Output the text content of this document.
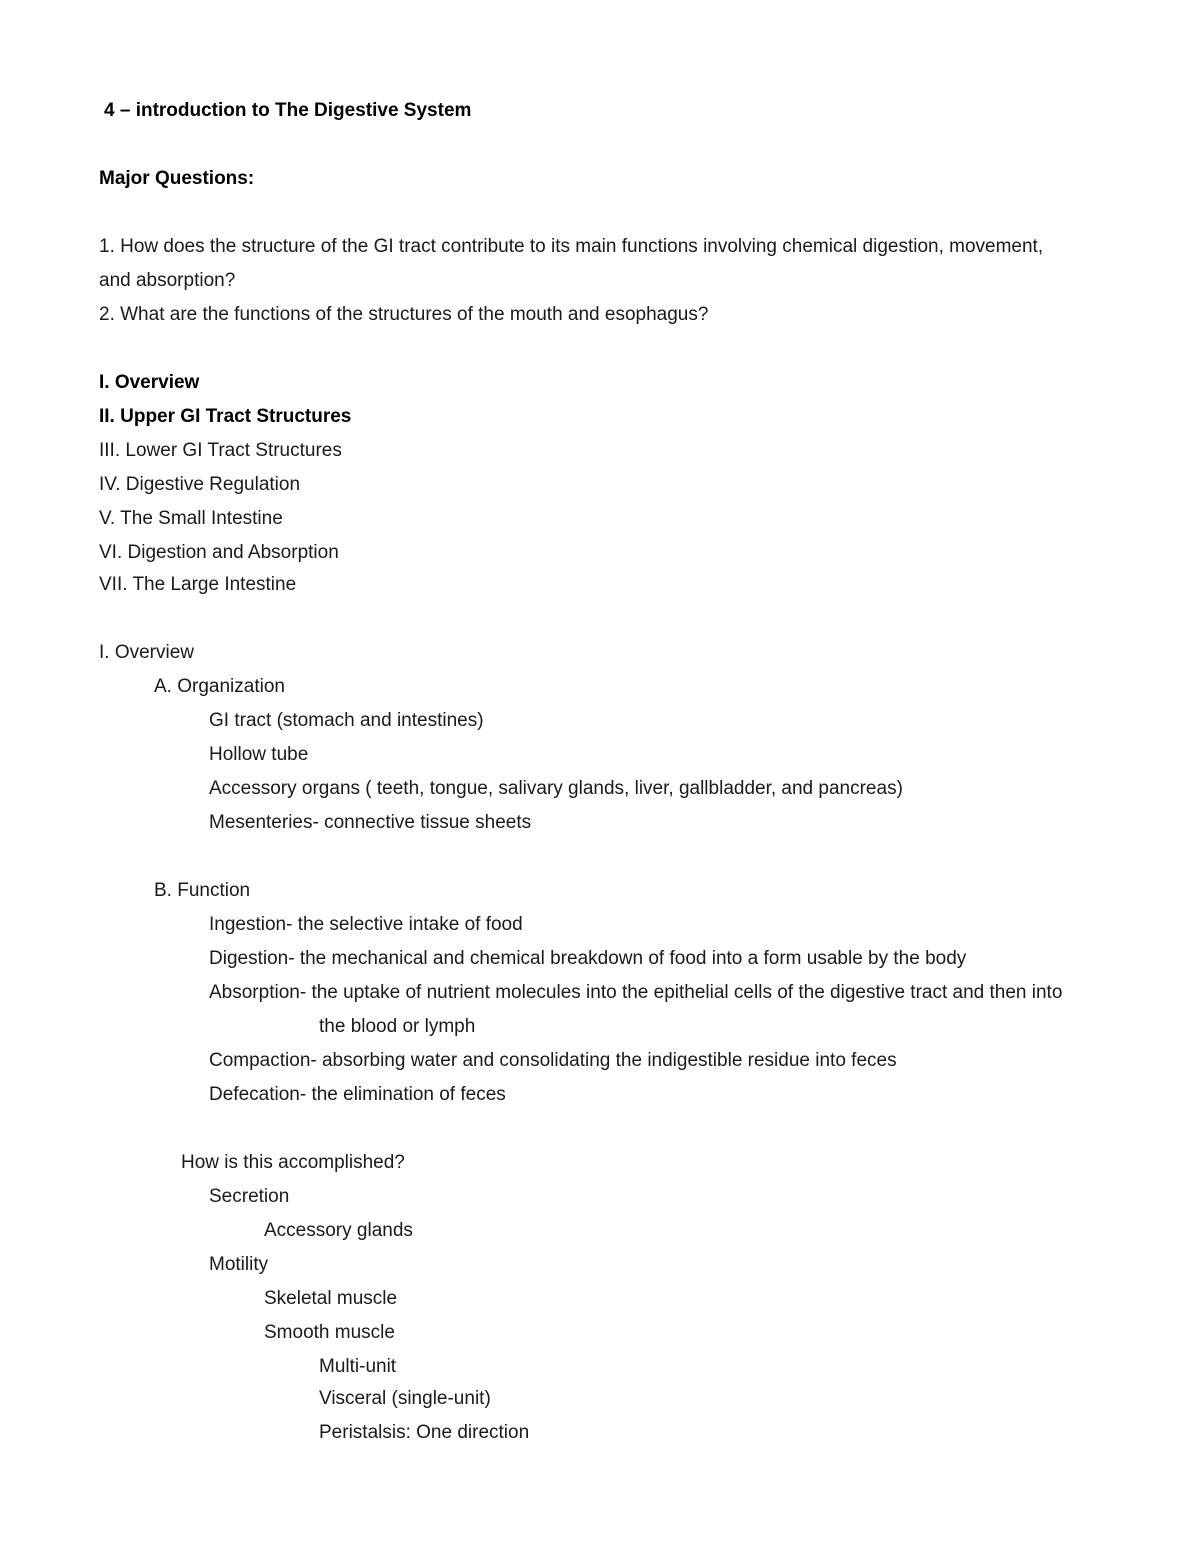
4 – introduction to The Digestive System
Major Questions:
1. How does the structure of the GI tract contribute to its main functions involving chemical digestion, movement,
and absorption?
2. What are the functions of the structures of the mouth and esophagus?
I. Overview
II. Upper GI Tract Structures
III. Lower GI Tract Structures
IV. Digestive Regulation
V. The Small Intestine
VI. Digestion and Absorption
VII. The Large Intestine
I. Overview
A. Organization
GI tract (stomach and intestines)
Hollow tube
Accessory organs ( teeth, tongue, salivary glands, liver, gallbladder, and pancreas)
Mesenteries- connective tissue sheets
B. Function
Ingestion- the selective intake of food
Digestion- the mechanical and chemical breakdown of food into a form usable by the body
Absorption- the uptake of nutrient molecules into the epithelial cells of the digestive tract and then into
the blood or lymph
Compaction- absorbing water and consolidating the indigestible residue into feces
Defecation- the elimination of feces
How is this accomplished?
Secretion
Accessory glands
Motility
Skeletal muscle
Smooth muscle
Multi-unit
Visceral (single-unit)
Peristalsis: One direction
